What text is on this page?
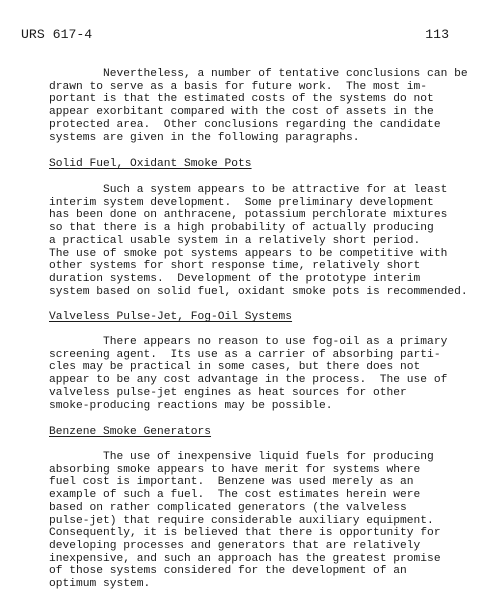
URS 617-4	113

Nevertheless, a number of tentative conclusions can be
drawn to serve as a basis for future work.  The most im-
portant is that the estimated costs of the systems do not
appear exorbitant compared with the cost of assets in the
protected area.  Other conclusions regarding the candidate
systems are given in the following paragraphs.

Solid Fuel, Oxidant Smoke Pots

Such a system appears to be attractive for at least
interim system development.  Some preliminary development
has been done on anthracene, potassium perchlorate mixtures
so that there is a high probability of actually producing
a practical usable system in a relatively short period.
The use of smoke pot systems appears to be competitive with
other systems for short response time, relatively short
duration systems.  Development of the prototype interim
system based on solid fuel, oxidant smoke pots is recommended.

Valveless Pulse-Jet, Fog-Oil Systems

There appears no reason to use fog-oil as a primary
screening agent.  Its use as a carrier of absorbing parti-
cles may be practical in some cases, but there does not
appear to be any cost advantage in the process.  The use of
valveless pulse-jet engines as heat sources for other
smoke-producing reactions may be possible.

Benzene Smoke Generators

The use of inexpensive liquid fuels for producing
absorbing smoke appears to have merit for systems where
fuel cost is important.  Benzene was used merely as an
example of such a fuel.  The cost estimates herein were
based on rather complicated generators (the valveless
pulse-jet) that require considerable auxiliary equipment.
Consequently, it is believed that there is opportunity for
developing processes and generators that are relatively
inexpensive, and such an approach has the greatest promise
of those systems considered for the development of an
optimum system.
